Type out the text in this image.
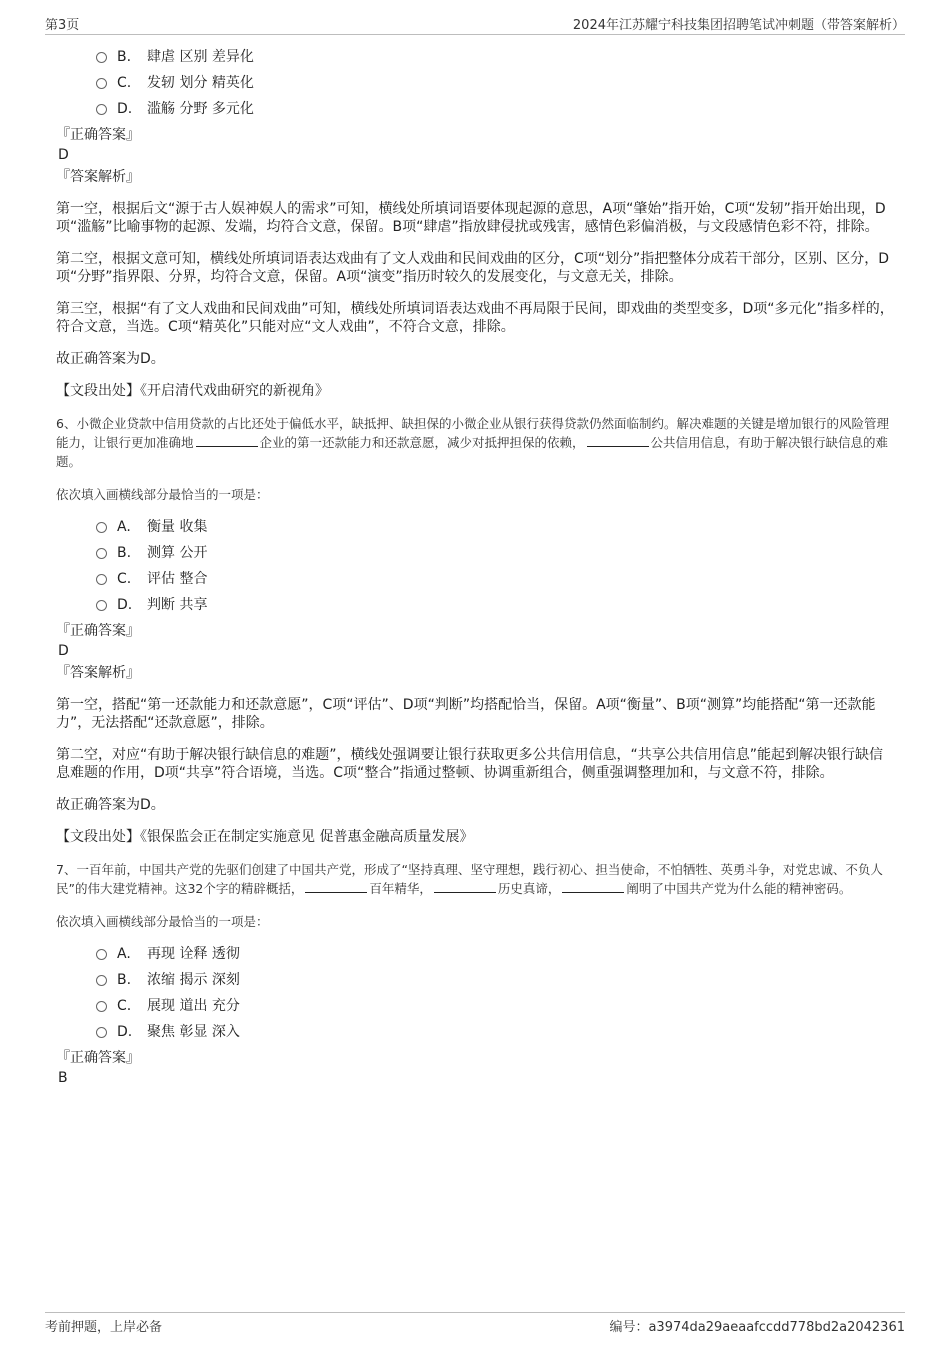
第3页	2024年江苏耀宁科技集团招聘笔试冲刺题（带答案解析）
B.	肆虐 区别 差异化
C.	发轫 划分 精英化
D.	滥觞 分野 多元化
『正确答案』
D
『答案解析』

第一空，根据后文“源于古人娱神娱人的需求”可知，横线处所填词语要体现起源的意思，A项“肇始”指开始，C项“发轫”指开始出现，D项“滥觞”比喻事物的起源、发端，均符合文意，保留。B项“肆虐”指放肆侵扰或残害，感情色彩偏消极，与文段感情色彩不符，排除。

第二空，根据文意可知，横线处所填词语表达戏曲有了文人戏曲和民间戏曲的区分，C项“划分”指把整体分成若干部分，区别、区分，D项“分野”指界限、分界，均符合文意，保留。A项“演变”指历时较久的发展变化，与文意无关，排除。

第三空，根据“有了文人戏曲和民间戏曲”可知，横线处所填词语表达戏曲不再局限于民间，即戏曲的类型变多，D项“多元化”指多样的，符合文意，当选。C项“精英化”只能对应“文人戏曲”，不符合文意，排除。

故正确答案为D。

【文段出处】《开启清代戏曲研究的新视角》
6、小微企业贷款中信用贷款的占比还处于偏低水平，缺抵押、缺担保的小微企业从银行获得贷款仍然面临制约。解决难题的关键是增加银行的风险管理能力，让银行更加准确地	企业的第一还款能力和还款意愿，减少对抵押担保的依赖，	公共信用信息，有助于解决银行缺信息的难题。
依次填入画横线部分最恰当的一项是：
A.	衡量 收集
B.	测算 公开
C.	评估 整合
D.	判断 共享
『正确答案』
D
『答案解析』

第一空，搭配“第一还款能力和还款意愿”，C项“评估”、D项“判断”均搭配恰当，保留。A项“衡量”、B项“测算”均能搭配“第一还款能力”，无法搭配“还款意愿”，排除。

第二空，对应“有助于解决银行缺信息的难题”，横线处强调要让银行获取更多公共信用信息，“共享公共信用信息”能起到解决银行缺信息难题的作用，D项“共享”符合语境，当选。C项“整合”指通过整顿、协调重新组合，侧重强调整理加和，与文意不符，排除。

故正确答案为D。

【文段出处】《银保监会正在制定实施意见 促普惠金融高质量发展》
7、一百年前，中国共产党的先驱们创建了中国共产党，形成了“坚持真理、坚守理想，践行初心、担当使命，不怕牺牲、英勇斗争，对党忠诚、不负人民”的伟大建党精神。这32个字的精辟概括，	百年精华，	历史真谛，	阐明了中国共产党为什么能的精神密码。
依次填入画横线部分最恰当的一项是：
A.	再现 诠释 透彻
B.	浓缩 揭示 深刻
C.	展现 道出 充分
D.	聚焦 彰显 深入
『正确答案』
B
考前押题，上岸必备	编号：a3974da29aeaafccdd778bd2a2042361
